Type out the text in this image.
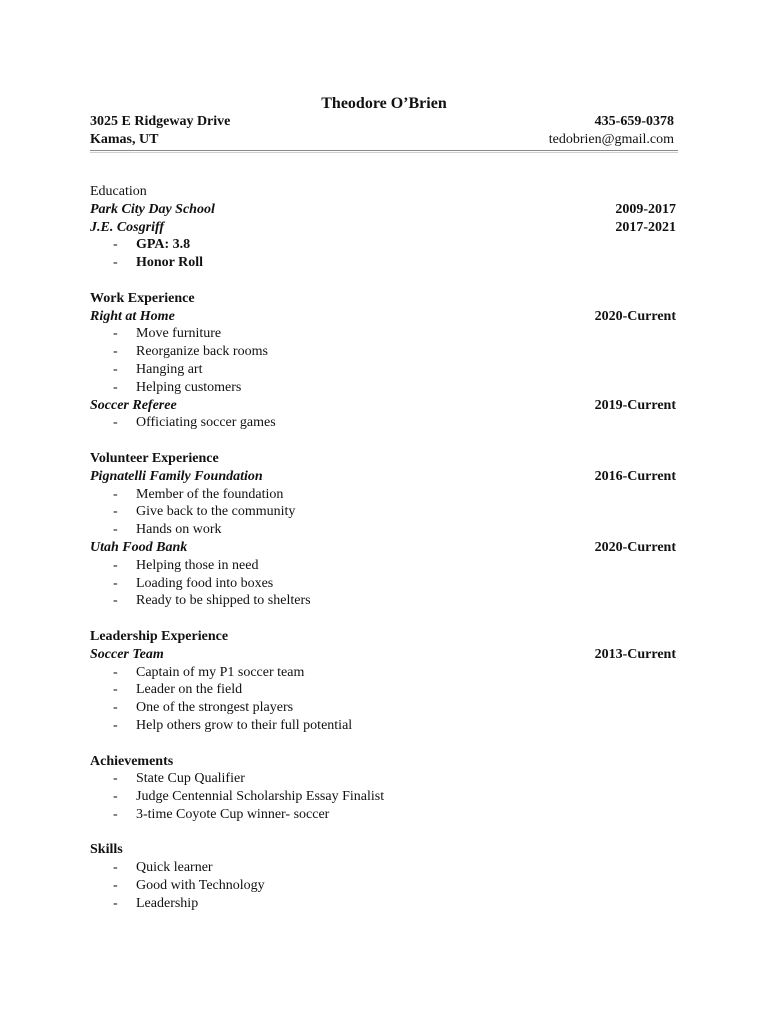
Theodore O’Brien
3025 E Ridgeway Drive	435-659-0378
Kamas, UT	tedobrien@gmail.com
Education
Park City Day School	2009-2017
J.E. Cosgriff	2017-2021
- GPA: 3.8
- Honor Roll
Work Experience
Right at Home	2020-Current
- Move furniture
- Reorganize back rooms
- Hanging art
- Helping customers
Soccer Referee	2019-Current
- Officiating soccer games
Volunteer Experience
Pignatelli Family Foundation	2016-Current
- Member of the foundation
- Give back to the community
- Hands on work
Utah Food Bank	2020-Current
- Helping those in need
- Loading food into boxes
- Ready to be shipped to shelters
Leadership Experience
Soccer Team	2013-Current
- Captain of my P1 soccer team
- Leader on the field
- One of the strongest players
- Help others grow to their full potential
Achievements
- State Cup Qualifier
- Judge Centennial Scholarship Essay Finalist
- 3-time Coyote Cup winner- soccer
Skills
- Quick learner
- Good with Technology
- Leadership
